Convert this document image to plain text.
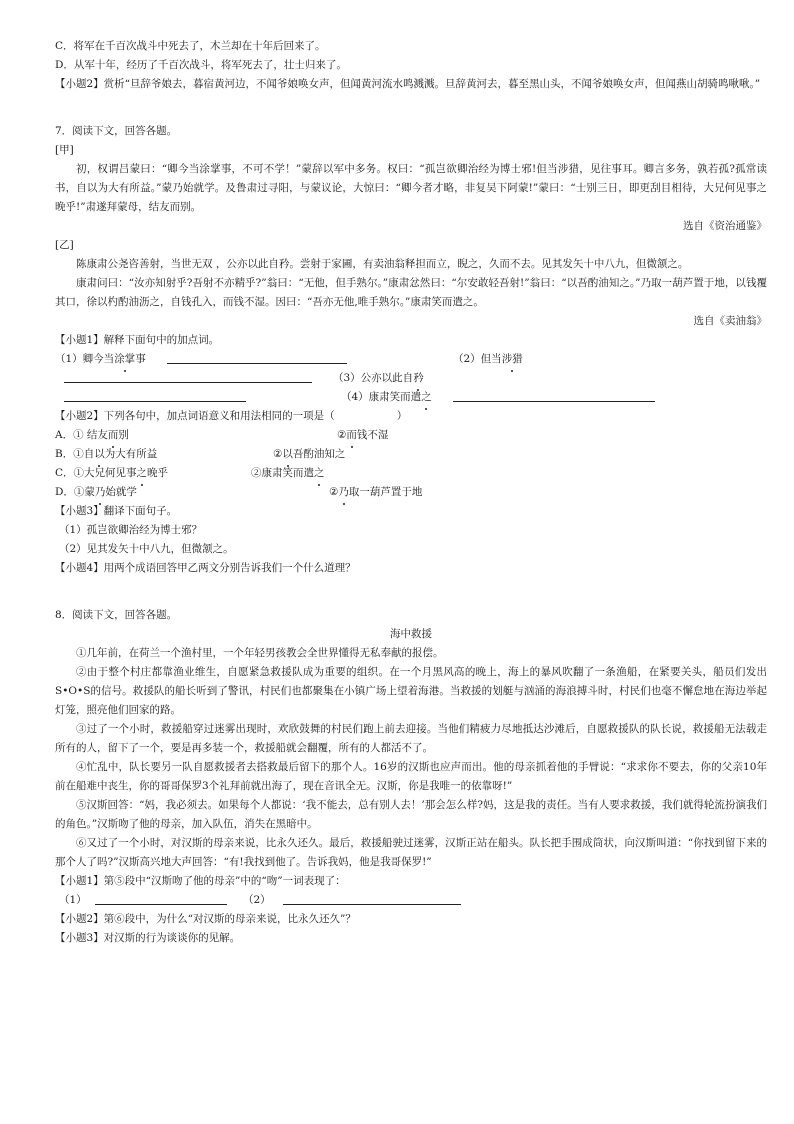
C．将军在千百次战斗中死去了，木兰却在十年后回来了。
D．从军十年，经历了千百次战斗，将军死去了，壮士归来了。
【小题2】赏析“旦辞爷娘去，暮宿黄河边，不闻爷娘唤女声，但闻黄河流水鸣溅溅。旦辞黄河去，暮至黑山头，不闻爷娘唤女声，但闻燕山胡骑鸣啾啾。”
7．阅读下文，回答各题。
[甲]
初，权谓吕蒙曰：“卿今当涂掌事，不可不学！”蒙辞以军中多务。权曰：“孤岂欲卿治经为博士邪!但当涉猎，见往事耳。卿言多务，孰若孤?孤常读书，自以为大有所益。”蒙乃始就学。及鲁肃过寻阳，与蒙议论，大惊曰：“卿今者才略，非复吴下阿蒙!”蒙曰：“士别三日，即更刮目相待，大兄何见事之晚乎!”肃遂拜蒙母，结友而别。
选自《资治通鉴》
[乙]
陈康肃公尧咨善射，当世无双 ，公亦以此自矜。尝射于家圃，有卖油翁释担而立，睨之，久而不去。见其发矢十中八九，但微颔之。
康肃问曰：“汝亦知射乎?吾射不亦精乎?”翁曰：“无他，但手熟尔。”康肃忿然曰：“尔安敢轻吾射!”翁曰：“以吾酌油知之。”乃取一葫芦置于地，以钱覆其口，徐以杓酌油沥之，自钱孔入，而钱不湿。因曰：“吾亦无他,唯手熟尔。”康肃笑而遣之。
选自《卖油翁》
【小题1】解释下面句中的加点词。
（1）卿今当涂掌事	（2）但当涉猎
（3）公亦以此自矜
（4）康肃笑而遣之
【小题2】下列各句中，加点词语意义和用法相同的一项是（	）
A．① 结友而别	②而钱不湿
B．①自以为大有所益	②以吾酌油知之
C．①大兄何见事之晚乎	②康肃笑而遣之
D．①蒙乃始就学	②乃取一葫芦置于地
【小题3】翻译下面句子。
（1）孤岂欲卿治经为博士邪？
（2）见其发矢十中八九，但微颔之。
【小题4】用两个成语回答甲乙两文分别告诉我们一个什么道理？
8．阅读下文，回答各题。
海中救援
①几年前，在荷兰一个渔村里，一个年轻男孩教会全世界懂得无私奉献的报偿。
②由于整个村庄都靠渔业维生，自愿紧急救援队成为重要的组织。在一个月黑风高的晚上，海上的暴风吹翻了一条渔船，在紧要关头，船员们发出S•O•S的信号。救援队的船长听到了警讯，村民们也都聚集在小镇广场上望着海港。当救援的划艇与汹涌的海浪搏斗时，村民们也毫不懈怠地在海边举起灯笼，照亮他们回家的路。
③过了一个小时，救援船穿过迷雾出现时，欢欣鼓舞的村民们跑上前去迎接。当他们精疲力尽地抵达沙滩后，自愿救援队的队长说，救援船无法载走所有的人，留下了一个，要是再多装一个，救援船就会翻覆，所有的人都活不了。
④忙乱中，队长要另一队自愿救援者去搭救最后留下的那个人。16岁的汉斯也应声而出。他的母亲抓着他的手臂说：“求求你不要去，你的父亲10年前在船难中丧生，你的哥哥保罗3个礼拜前就出海了，现在音讯全无。汉斯，你是我唯一的依靠呀!”
⑤汉斯回答：“妈，我必须去。如果每个人都说：‘我不能去，总有别人去！’那会怎么样?妈，这是我的责任。当有人要求救援，我们就得轮流扮演我们的角色。”汉斯吻了他的母亲，加入队伍，消失在黑暗中。
⑥又过了一个小时，对汉斯的母亲来说，比永久还久。最后，救援船驶过迷雾，汉斯正站在船头。队长把手围成筒状，向汉斯叫道：“你找到留下来的那个人了吗?”汉斯高兴地大声回答：“有!我找到他了。告诉我妈，他是我哥保罗!”
【小题1】第⑤段中“汉斯吻了他的母亲”中的“吻”一词表现了：
（1）	（2）
【小题2】第⑥段中，为什么“对汉斯的母亲来说，比永久还久”？
【小题3】对汉斯的行为谈谈你的见解。
